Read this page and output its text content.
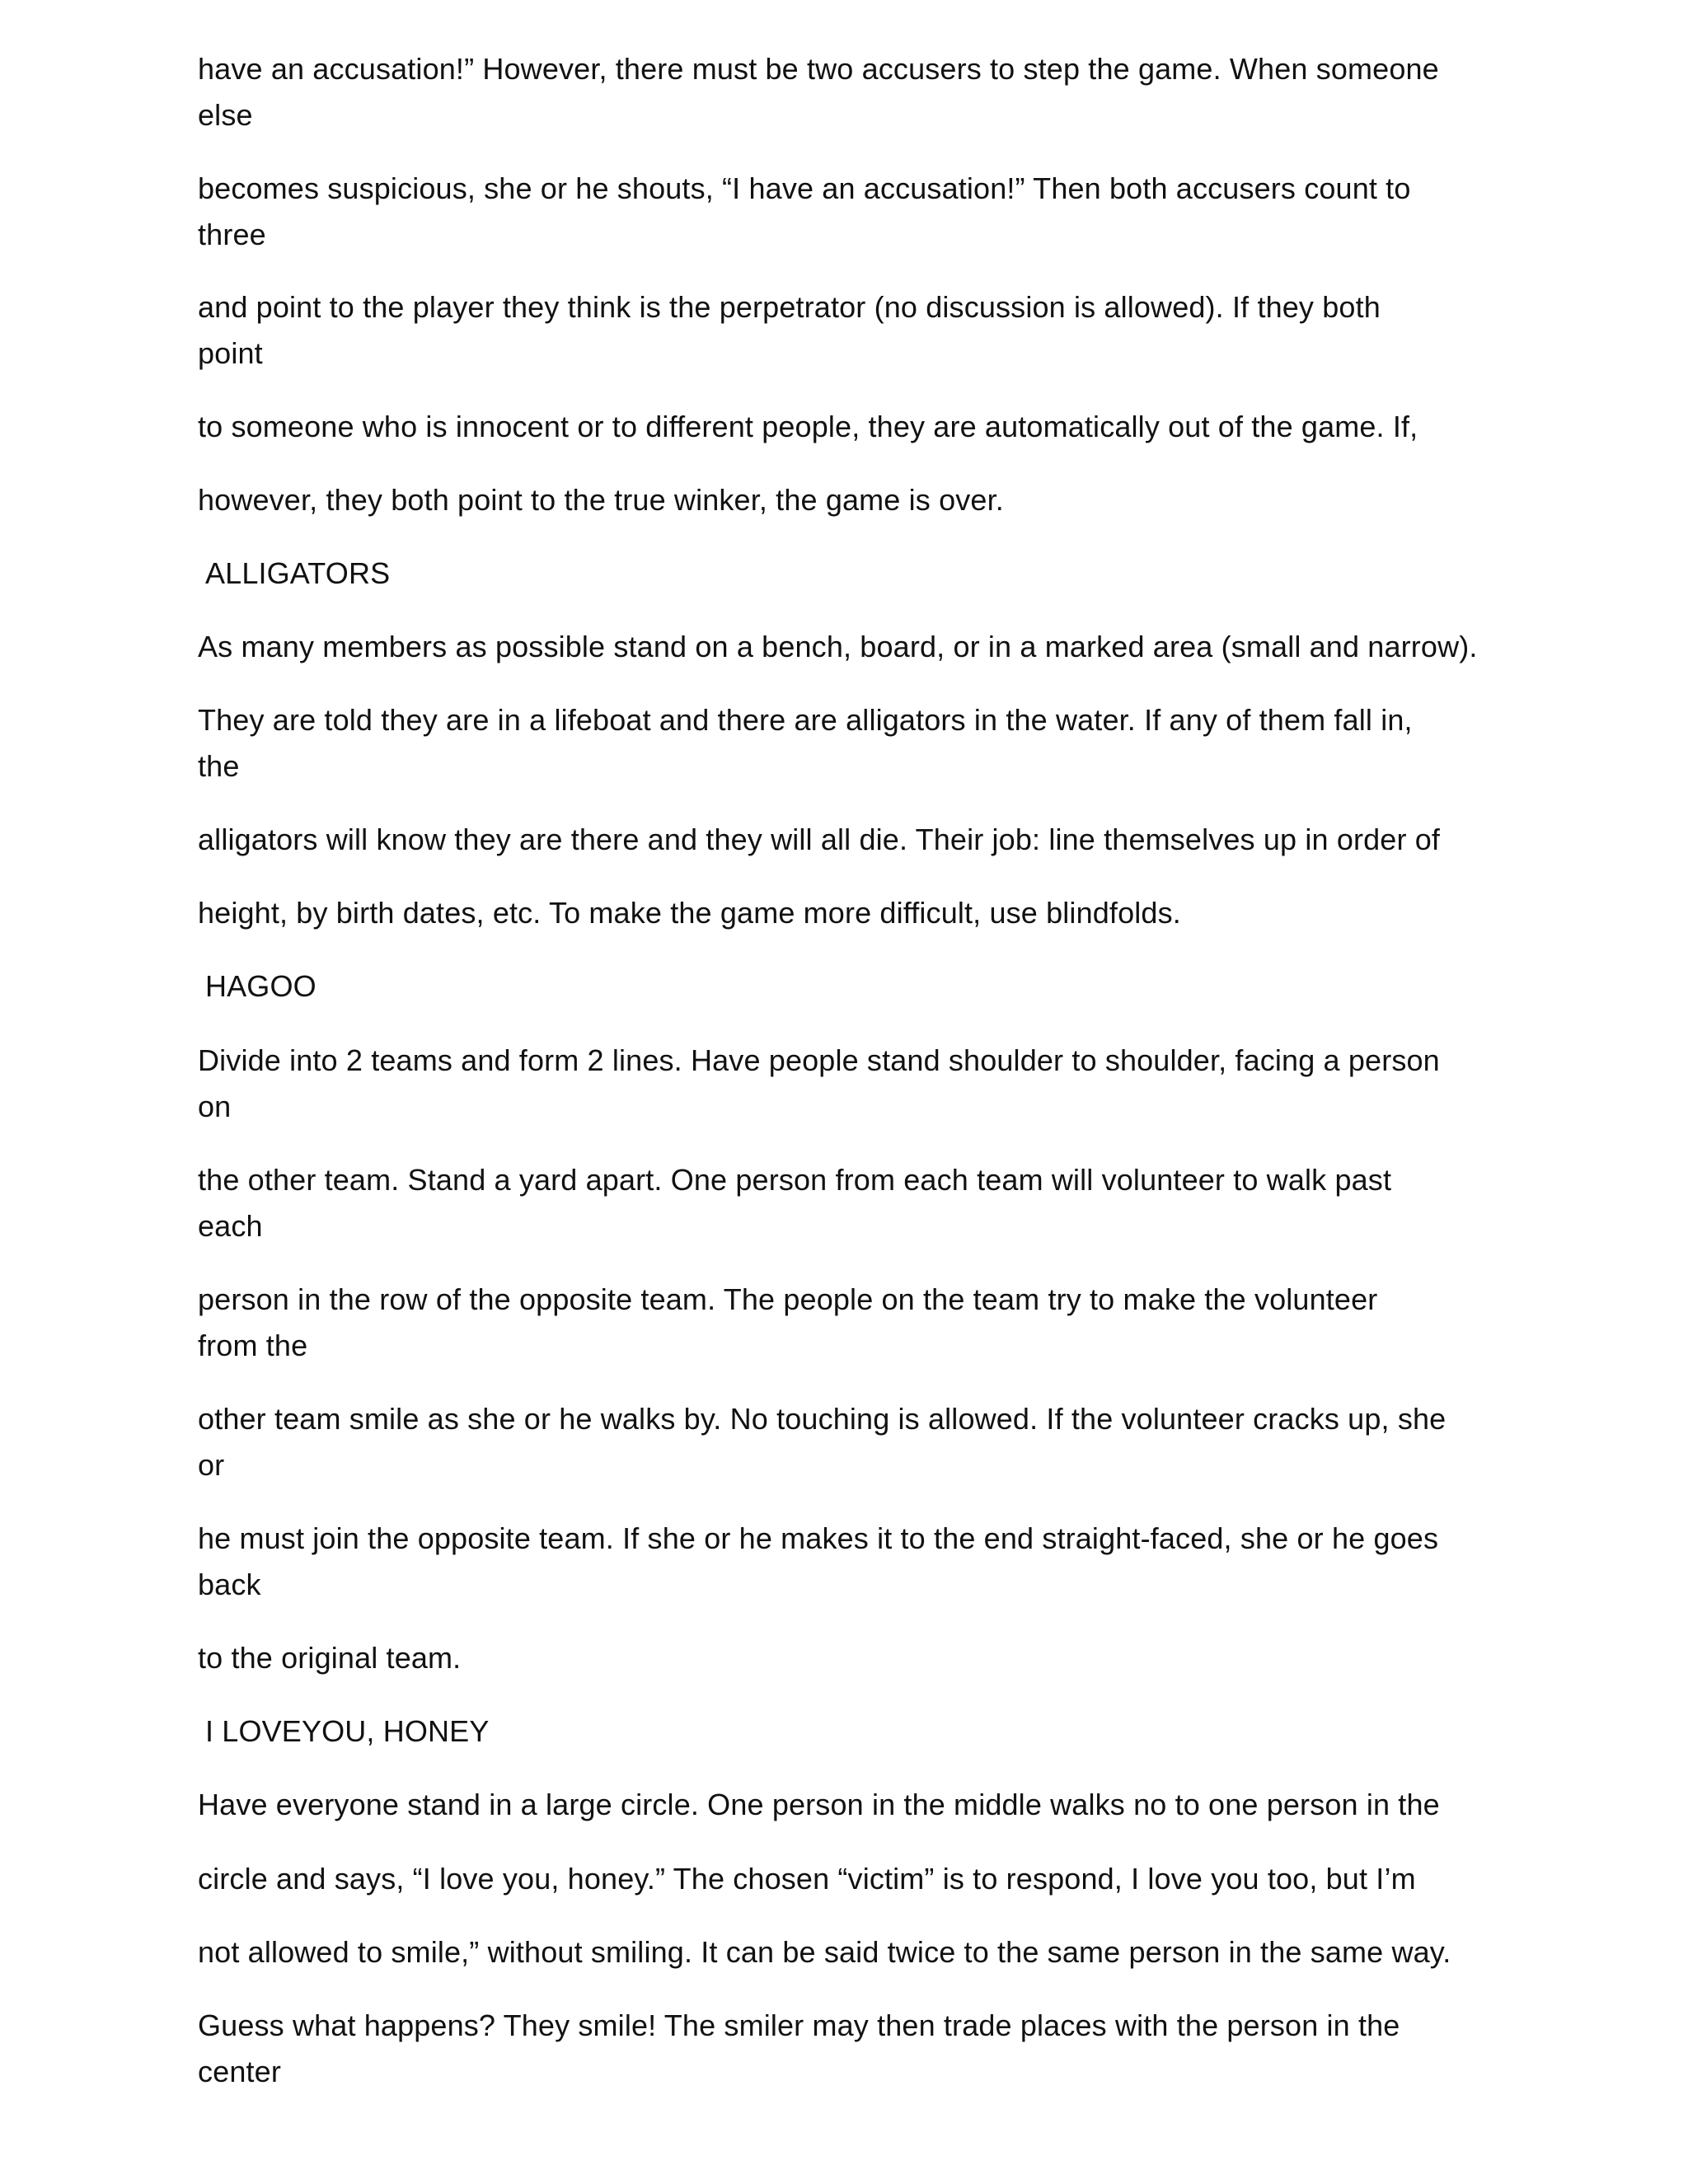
have an accusation!” However, there must be two accusers to step the game. When someone
else
becomes suspicious, she or he shouts, “I have an accusation!” Then both accusers count to
three
and point to the player they think is the perpetrator (no discussion is allowed). If they both
point
to someone who is innocent or to different people, they are automatically out of the game. If,
however, they both point to the true winker, the game is over.
ALLIGATORS
As many members as possible stand on a bench, board, or in a marked area (small and narrow).
They are told they are in a lifeboat and there are alligators in the water. If any of them fall in,
the
alligators will know they are there and they will all die. Their job: line themselves up in order of
height, by birth dates, etc. To make the game more difficult, use blindfolds.
HAGOO
Divide into 2 teams and form 2 lines. Have people stand shoulder to shoulder, facing a person
on
the other team. Stand a yard apart. One person from each team will volunteer to walk past
each
person in the row of the opposite team. The people on the team try to make the volunteer
from the
other team smile as she or he walks by. No touching is allowed. If the volunteer cracks up, she
or
he must join the opposite team. If she or he makes it to the end straight-faced, she or he goes
back
to the original team.
I LOVEYOU, HONEY
Have everyone stand in a large circle. One person in the middle walks no to one person in the
circle and says, “I love you, honey.” The chosen “victim” is to respond, I love you too, but I’m
not allowed to smile,” without smiling. It can be said twice to the same person in the same way.
Guess what happens? They smile! The smiler may then trade places with the person in the
center
